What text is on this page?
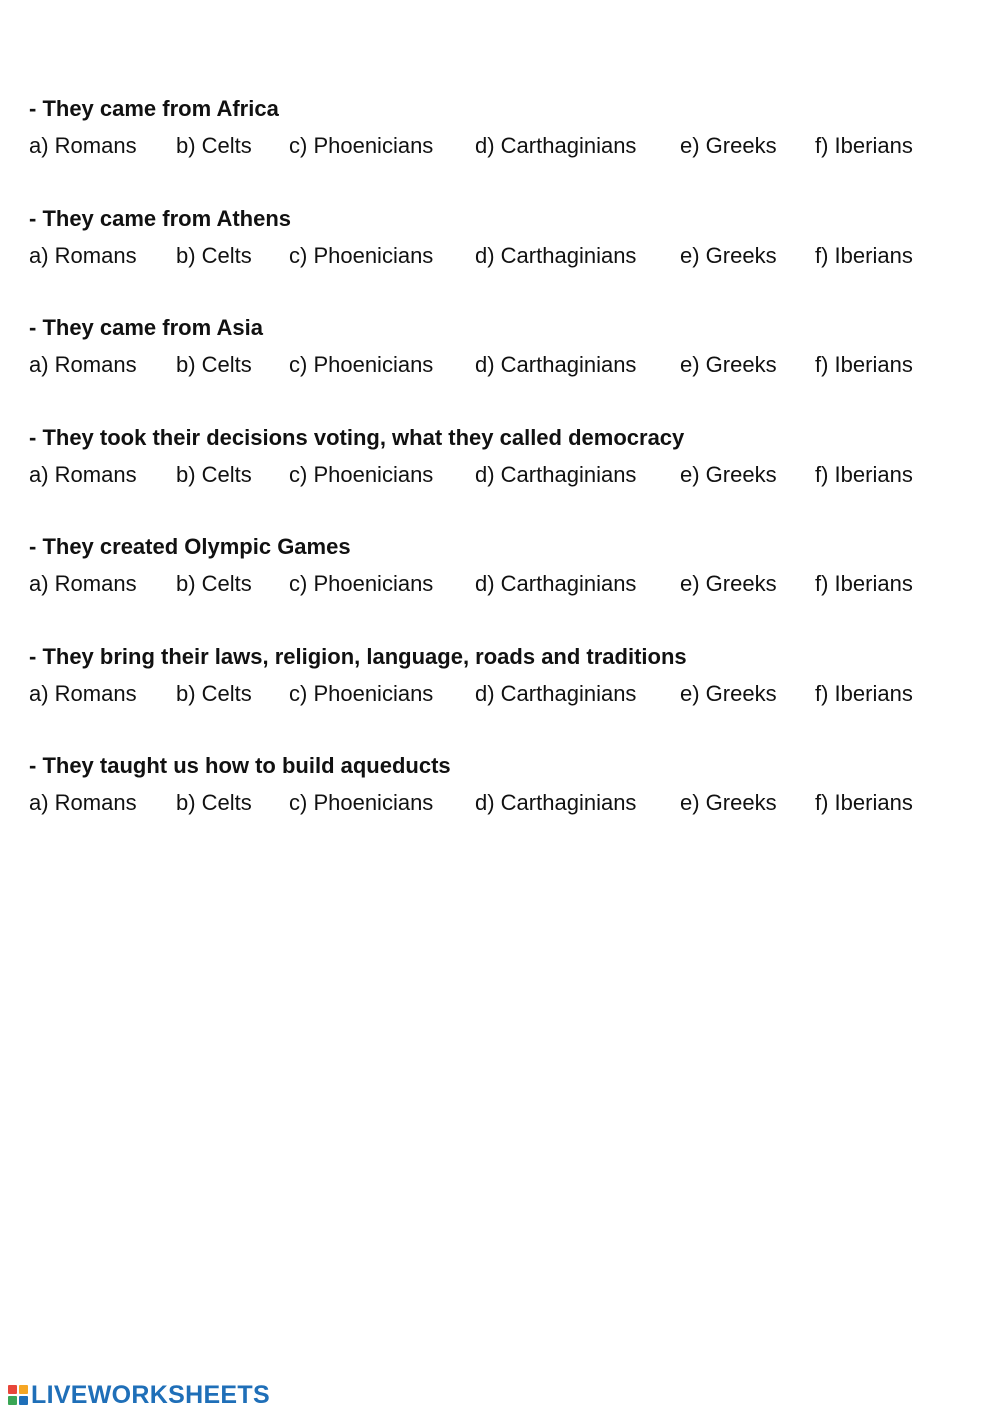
- They came from Africa
a) Romans b) Celts c) Phoenicians d) Carthaginians e) Greeks f) Iberians
- They came from Athens
a) Romans b) Celts c) Phoenicians d) Carthaginians e) Greeks f) Iberians
- They came from Asia
a) Romans b) Celts c) Phoenicians d) Carthaginians e) Greeks f) Iberians
- They took their decisions voting, what they called democracy
a) Romans b) Celts c) Phoenicians d) Carthaginians e) Greeks f) Iberians
- They created Olympic Games
a) Romans b) Celts c) Phoenicians d) Carthaginians e) Greeks f) Iberians
- They bring their laws, religion, language, roads and traditions
a) Romans b) Celts c) Phoenicians d) Carthaginians e) Greeks f) Iberians
- They taught us how to build aqueducts
a) Romans b) Celts c) Phoenicians d) Carthaginians e) Greeks f) Iberians
LIVEWORKSHEETS
